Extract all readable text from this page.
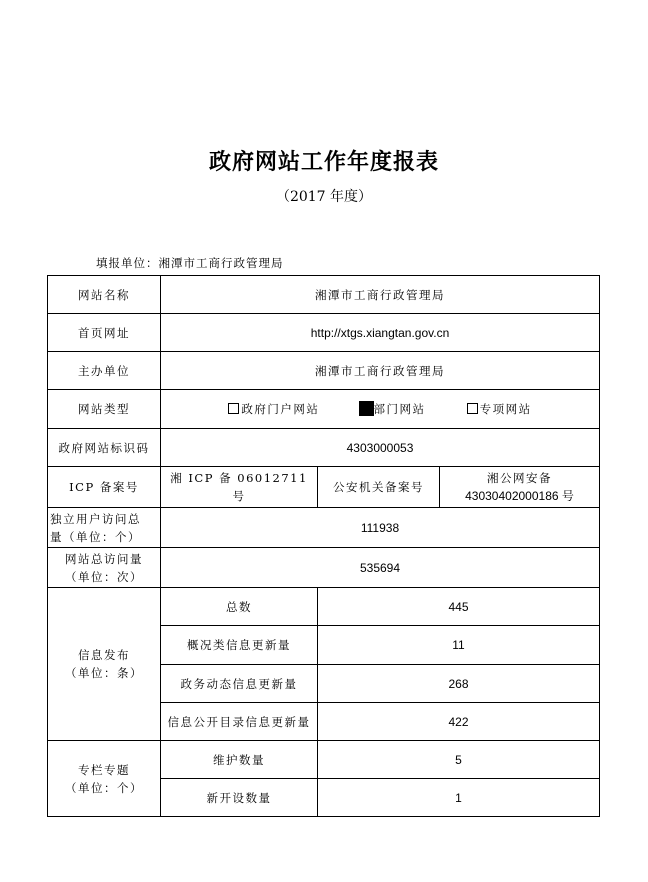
政府网站工作年度报表
（2017 年度）
填报单位：湘潭市工商行政管理局
网站名称	湘潭市工商行政管理局		
首页网址	http://xtgs.xiangtan.gov.cn		
主办单位	湘潭市工商行政管理局		
网站类型	政府门户网站 部门网站 专项网站		
政府网站标识码	4303000053		
ICP 备案号	湘 ICP 备 06012711 号	公安机关备案号	湘公网安备
43030402000186 号

独立用户访问总
量（单位：个）	111938		

网站总访问量
（单位：次）	535694		

信息发布
（单位：条）	总数	445	
	概况类信息更新量	11	
	政务动态信息更新量	268	
	信息公开目录信息更新量	422	

专栏专题
（单位：个）	维护数量	5	
	新开设数量	1	
